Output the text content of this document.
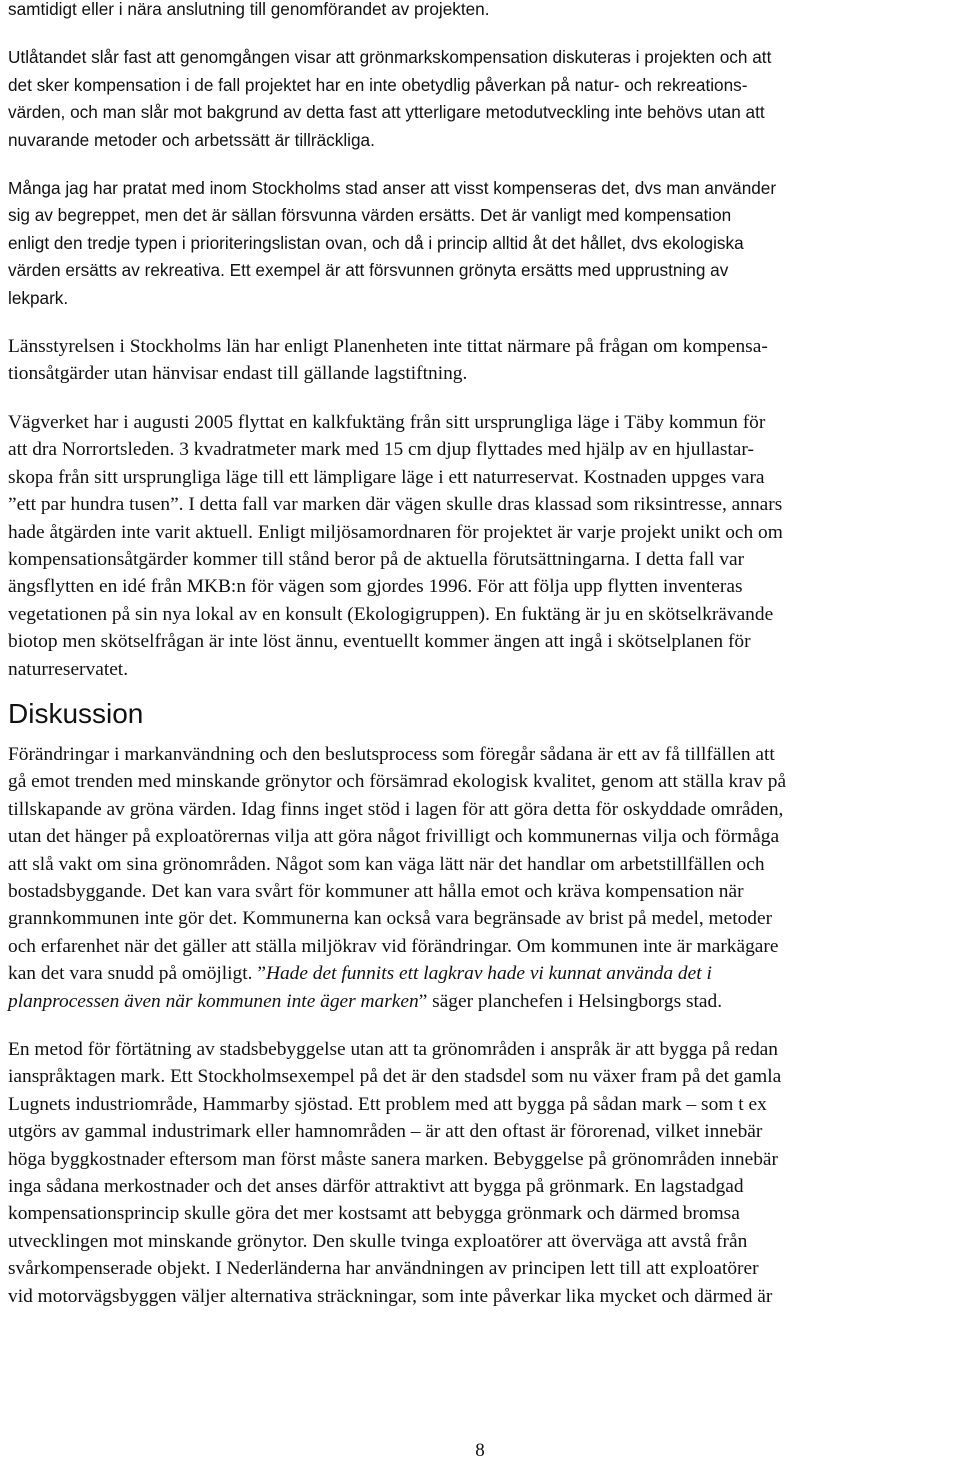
samtidigt eller i nära anslutning till genomförandet av projekten.

Utlåtandet slår fast att genomgången visar att grönmarkskompensation diskuteras i projekten och att
det sker kompensation i de fall projektet har en inte obetydlig påverkan på natur- och rekreations-
värden, och man slår mot bakgrund av detta fast att ytterligare metodutveckling inte behövs utan att
nuvarande metoder och arbetssätt är tillräckliga.

Många jag har pratat med inom Stockholms stad anser att visst kompenseras det, dvs man använder
sig av begreppet, men det är sällan försvunna värden ersätts. Det är vanligt med kompensation
enligt den tredje typen i prioriteringslistan ovan, och då i princip alltid åt det hållet, dvs ekologiska
värden ersätts av rekreativa. Ett exempel är att försvunnen grönyta ersätts med upprustning av
lekpark.

Länsstyrelsen i Stockholms län har enligt Planenheten inte tittat närmare på frågan om kompensa-
tionsåtgärder utan hänvisar endast till gällande lagstiftning.

Vägverket har i augusti 2005 flyttat en kalkfuktäng från sitt ursprungliga läge i Täby kommun för
att dra Norrortsleden. 3 kvadratmeter mark med 15 cm djup flyttades med hjälp av en hjullastar-
skopa från sitt ursprungliga läge till ett lämpligare läge i ett naturreservat. Kostnaden uppges vara
”ett par hundra tusen”. I detta fall var marken där vägen skulle dras klassad som riksintresse, annars
hade åtgärden inte varit aktuell. Enligt miljösamordnaren för projektet är varje projekt unikt och om
kompensationsåtgärder kommer till stånd beror på de aktuella förutsättningarna. I detta fall var
ängsflytten en idé från MKB:n för vägen som gjordes 1996. För att följa upp flytten inventeras
vegetationen på sin nya lokal av en konsult (Ekologigruppen). En fuktäng är ju en skötselkrävande
biotop men skötselfrågan är inte löst ännu, eventuellt kommer ängen att ingå i skötselplanen för
naturreservatet.

Diskussion

Förändringar i markanvändning och den beslutsprocess som föregår sådana är ett av få tillfällen att
gå emot trenden med minskande grönytor och försämrad ekologisk kvalitet, genom att ställa krav på
tillskapande av gröna värden. Idag finns inget stöd i lagen för att göra detta för oskyddade områden,
utan det hänger på exploatörernas vilja att göra något frivilligt och kommunernas vilja och förmåga
att slå vakt om sina grönområden. Något som kan väga lätt när det handlar om arbetstillfällen och
bostadsbyggande. Det kan vara svårt för kommuner att hålla emot och kräva kompensation när
grannkommunen inte gör det. Kommunerna kan också vara begränsade av brist på medel, metoder
och erfarenhet när det gäller att ställa miljökrav vid förändringar. Om kommunen inte är markägare
kan det vara snudd på omöjligt. ”Hade det funnits ett lagkrav hade vi kunnat använda det i
planprocessen även när kommunen inte äger marken” säger planchefen i Helsingborgs stad.

En metod för förtätning av stadsbebyggelse utan att ta grönområden i anspråk är att bygga på redan
ianspråktagen mark. Ett Stockholmsexempel på det är den stadsdel som nu växer fram på det gamla
Lugnets industriområde, Hammarby sjöstad. Ett problem med att bygga på sådan mark – som t ex
utgörs av gammal industrimark eller hamnområden – är att den oftast är förorenad, vilket innebär
höga byggkostnader eftersom man först måste sanera marken. Bebyggelse på grönområden innebär
inga sådana merkostnader och det anses därför attraktivt att bygga på grönmark. En lagstadgad
kompensationsprincip skulle göra det mer kostsamt att bebygga grönmark och därmed bromsa
utvecklingen mot minskande grönytor. Den skulle tvinga exploatörer att överväga att avstå från
svårkompenserade objekt. I Nederländerna har användningen av principen lett till att exploatörer
vid motorvägsbyggen väljer alternativa sträckningar, som inte påverkar lika mycket och därmed är

8
